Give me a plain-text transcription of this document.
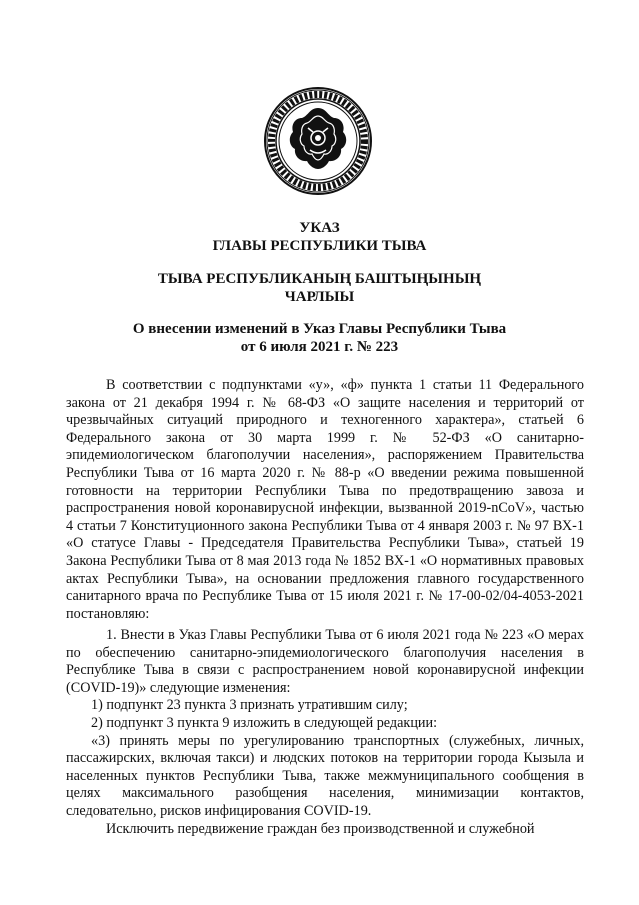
УКАЗ
ГЛАВЫ РЕСПУБЛИКИ ТЫВА
ТЫВА РЕСПУБЛИКАНЫҢ БАШТЫҢЫНЫҢ
ЧАРЛЫЫ
О внесении изменений в Указ Главы Республики Тыва
от 6 июля 2021 г. № 223

В соответствии с подпунктами «у», «ф» пункта 1 статьи 11 Федерального закона от 21 декабря 1994 г. № 68-ФЗ «О защите населения и территорий от чрезвычайных ситуаций природного и техногенного характера», статьей 6 Федерального закона от 30 марта 1999 г. № 52-ФЗ «О санитарно-эпидемиологическом благополучии населения», распоряжением Правительства Республики Тыва от 16 марта 2020 г. № 88-р «О введении режима повышенной готовности на территории Республики Тыва по предотвращению завоза и распространения новой коронавирусной инфекции, вызванной 2019-nCoV», частью 4 статьи 7 Конституционного закона Республики Тыва от 4 января 2003 г. № 97 ВХ-1 «О статусе Главы - Председателя Правительства Республики Тыва», статьей 19 Закона Республики Тыва от 8 мая 2013 года № 1852 ВХ-1 «О нормативных правовых актах Республики Тыва», на основании предложения главного государственного санитарного врача по Республике Тыва от 15 июля 2021 г. № 17-00-02/04-4053-2021 постановляю:

1. Внести в Указ Главы Республики Тыва от 6 июля 2021 года № 223 «О мерах по обеспечению санитарно-эпидемиологического благополучия населения в Республике Тыва в связи с распространением новой коронавирусной инфекции (COVID-19)» следующие изменения:

1) подпункт 23 пункта 3 признать утратившим силу;

2) подпункт 3 пункта 9 изложить в следующей редакции:

«3) принять меры по урегулированию транспортных (служебных, личных, пассажирских, включая такси) и людских потоков на территории города Кызыла и населенных пунктов Республики Тыва, также межмуниципального сообщения в целях максимального разобщения населения, минимизации контактов, следовательно, рисков инфицирования COVID-19.

Исключить передвижение граждан без производственной и служебной
